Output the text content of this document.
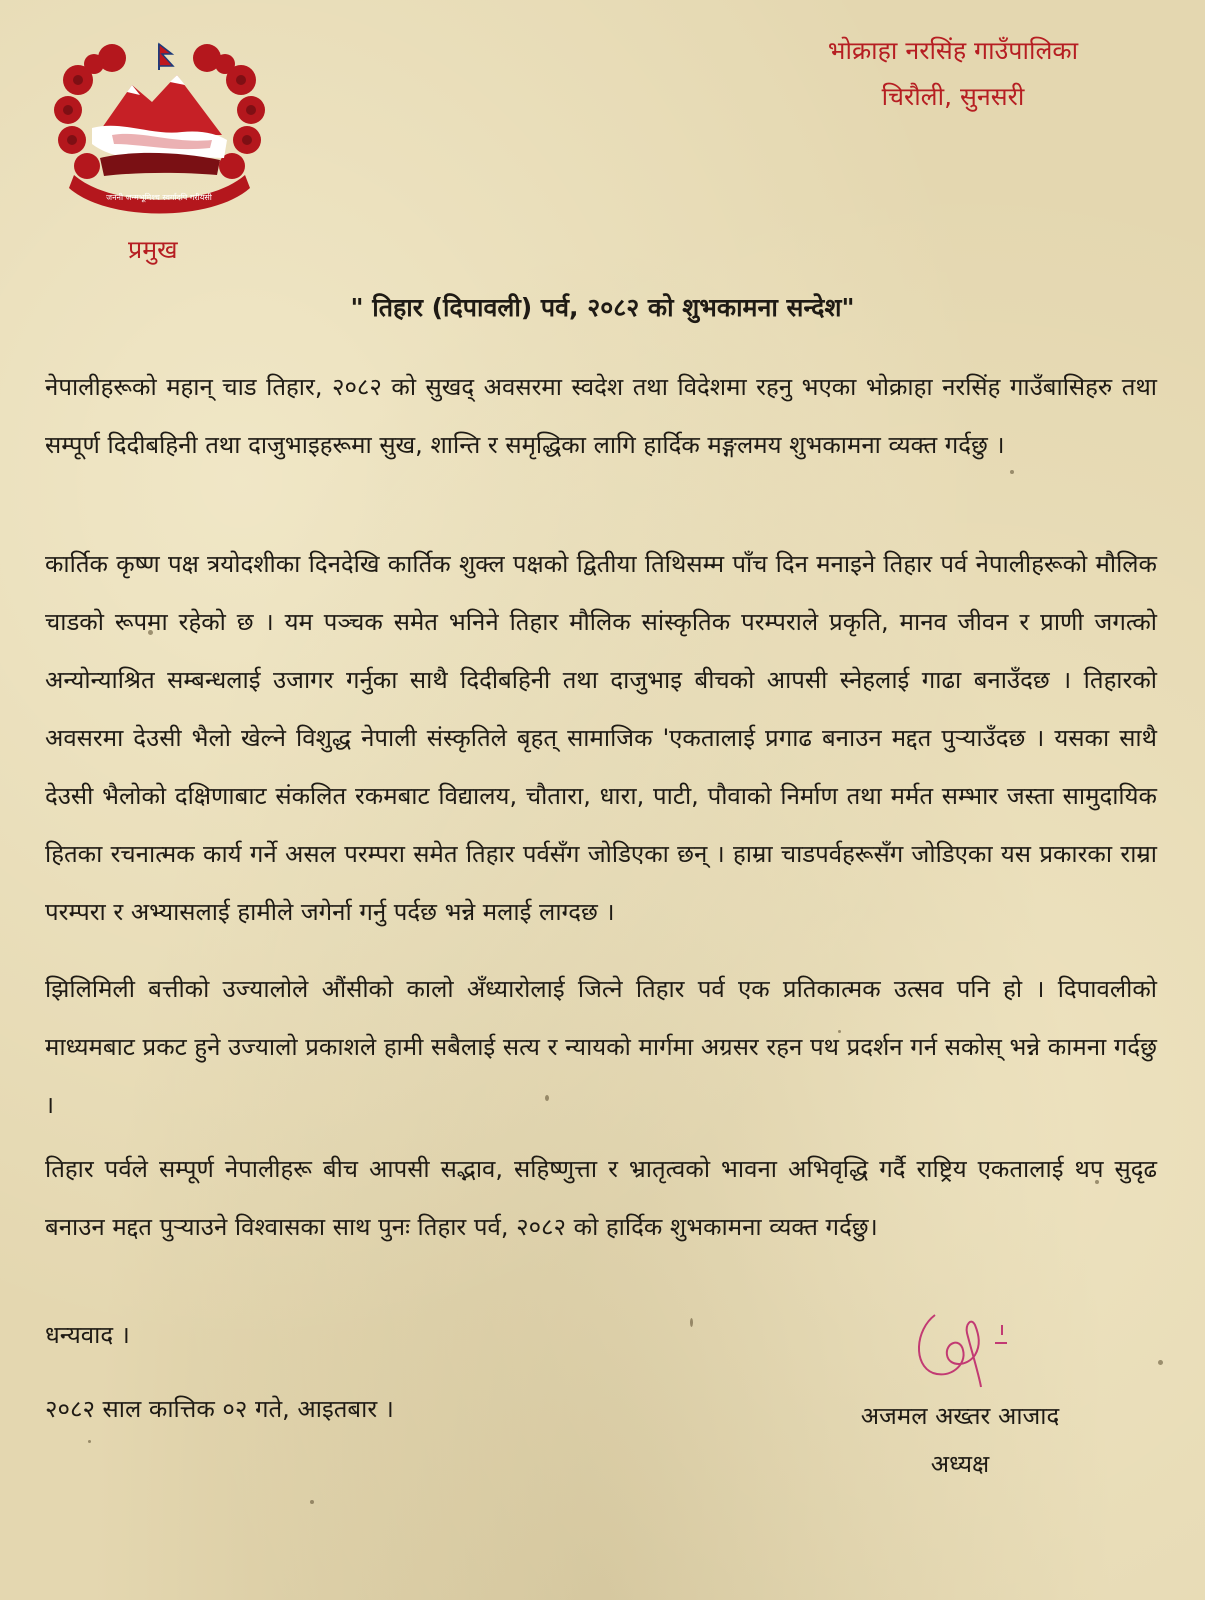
जननी जन्मभूमिश्च स्वर्गादपि गरीयसी
प्रमुख
भोक्राहा नरसिंह गाउँपालिका
चिरौली, सुनसरी
" तिहार (दिपावली) पर्व, २०८२ को शुभकामना सन्देश"

नेपालीहरूको महान् चाड तिहार, २०८२ को सुखद् अवसरमा स्वदेश तथा विदेशमा रहनु भएका भोक्राहा नरसिंह गाउँबासिहरु तथा सम्पूर्ण दिदीबहिनी तथा दाजुभाइहरूमा सुख, शान्ति र समृद्धिका लागि हार्दिक मङ्गलमय शुभकामना व्यक्त गर्दछु ।

कार्तिक कृष्ण पक्ष त्रयोदशीका दिनदेखि कार्तिक शुक्ल पक्षको द्वितीया तिथिसम्म पाँच दिन मनाइने तिहार पर्व नेपालीहरूको मौलिक चाडको रूपमा रहेको छ । यम पञ्चक समेत भनिने तिहार मौलिक सांस्कृतिक परम्पराले प्रकृति, मानव जीवन र प्राणी जगत्को अन्योन्याश्रित सम्बन्धलाई उजागर गर्नुका साथै दिदीबहिनी तथा दाजुभाइ बीचको आपसी स्नेहलाई गाढा बनाउँदछ । तिहारको अवसरमा देउसी भैलो खेल्ने विशुद्ध नेपाली संस्कृतिले बृहत् सामाजिक 'एकतालाई प्रगाढ बनाउन मद्दत पुऱ्याउँदछ । यसका साथै देउसी भैलोको दक्षिणाबाट संकलित रकमबाट विद्यालय, चौतारा, धारा, पाटी, पौवाको निर्माण तथा मर्मत सम्भार जस्ता सामुदायिक हितका रचनात्मक कार्य गर्ने असल परम्परा समेत तिहार पर्वसँग जोडिएका छन् । हाम्रा चाडपर्वहरूसँग जोडिएका यस प्रकारका राम्रा परम्परा र अभ्यासलाई हामीले जगेर्ना गर्नु पर्दछ भन्ने मलाई लाग्दछ ।

झिलिमिली बत्तीको उज्यालोले औंसीको कालो अँध्यारोलाई जित्ने तिहार पर्व एक प्रतिकात्मक उत्सव पनि हो । दिपावलीको माध्यमबाट प्रकट हुने उज्यालो प्रकाशले हामी सबैलाई सत्य र न्यायको मार्गमा अग्रसर रहन पथ प्रदर्शन गर्न सकोस् भन्ने कामना गर्दछु ।

तिहार पर्वले सम्पूर्ण नेपालीहरू बीच आपसी सद्भाव, सहिष्णुत्ता र भ्रातृत्वको भावना अभिवृद्धि गर्दै राष्ट्रिय एकतालाई थप सुदृढ बनाउन मद्दत पुऱ्याउने विश्वासका साथ पुनः तिहार पर्व, २०८२ को हार्दिक शुभकामना व्यक्त गर्दछु।

धन्यवाद ।
२०८२ साल कात्तिक ०२ गते, आइतबार ।	अजमल अख्तर आजाद
अध्यक्ष
